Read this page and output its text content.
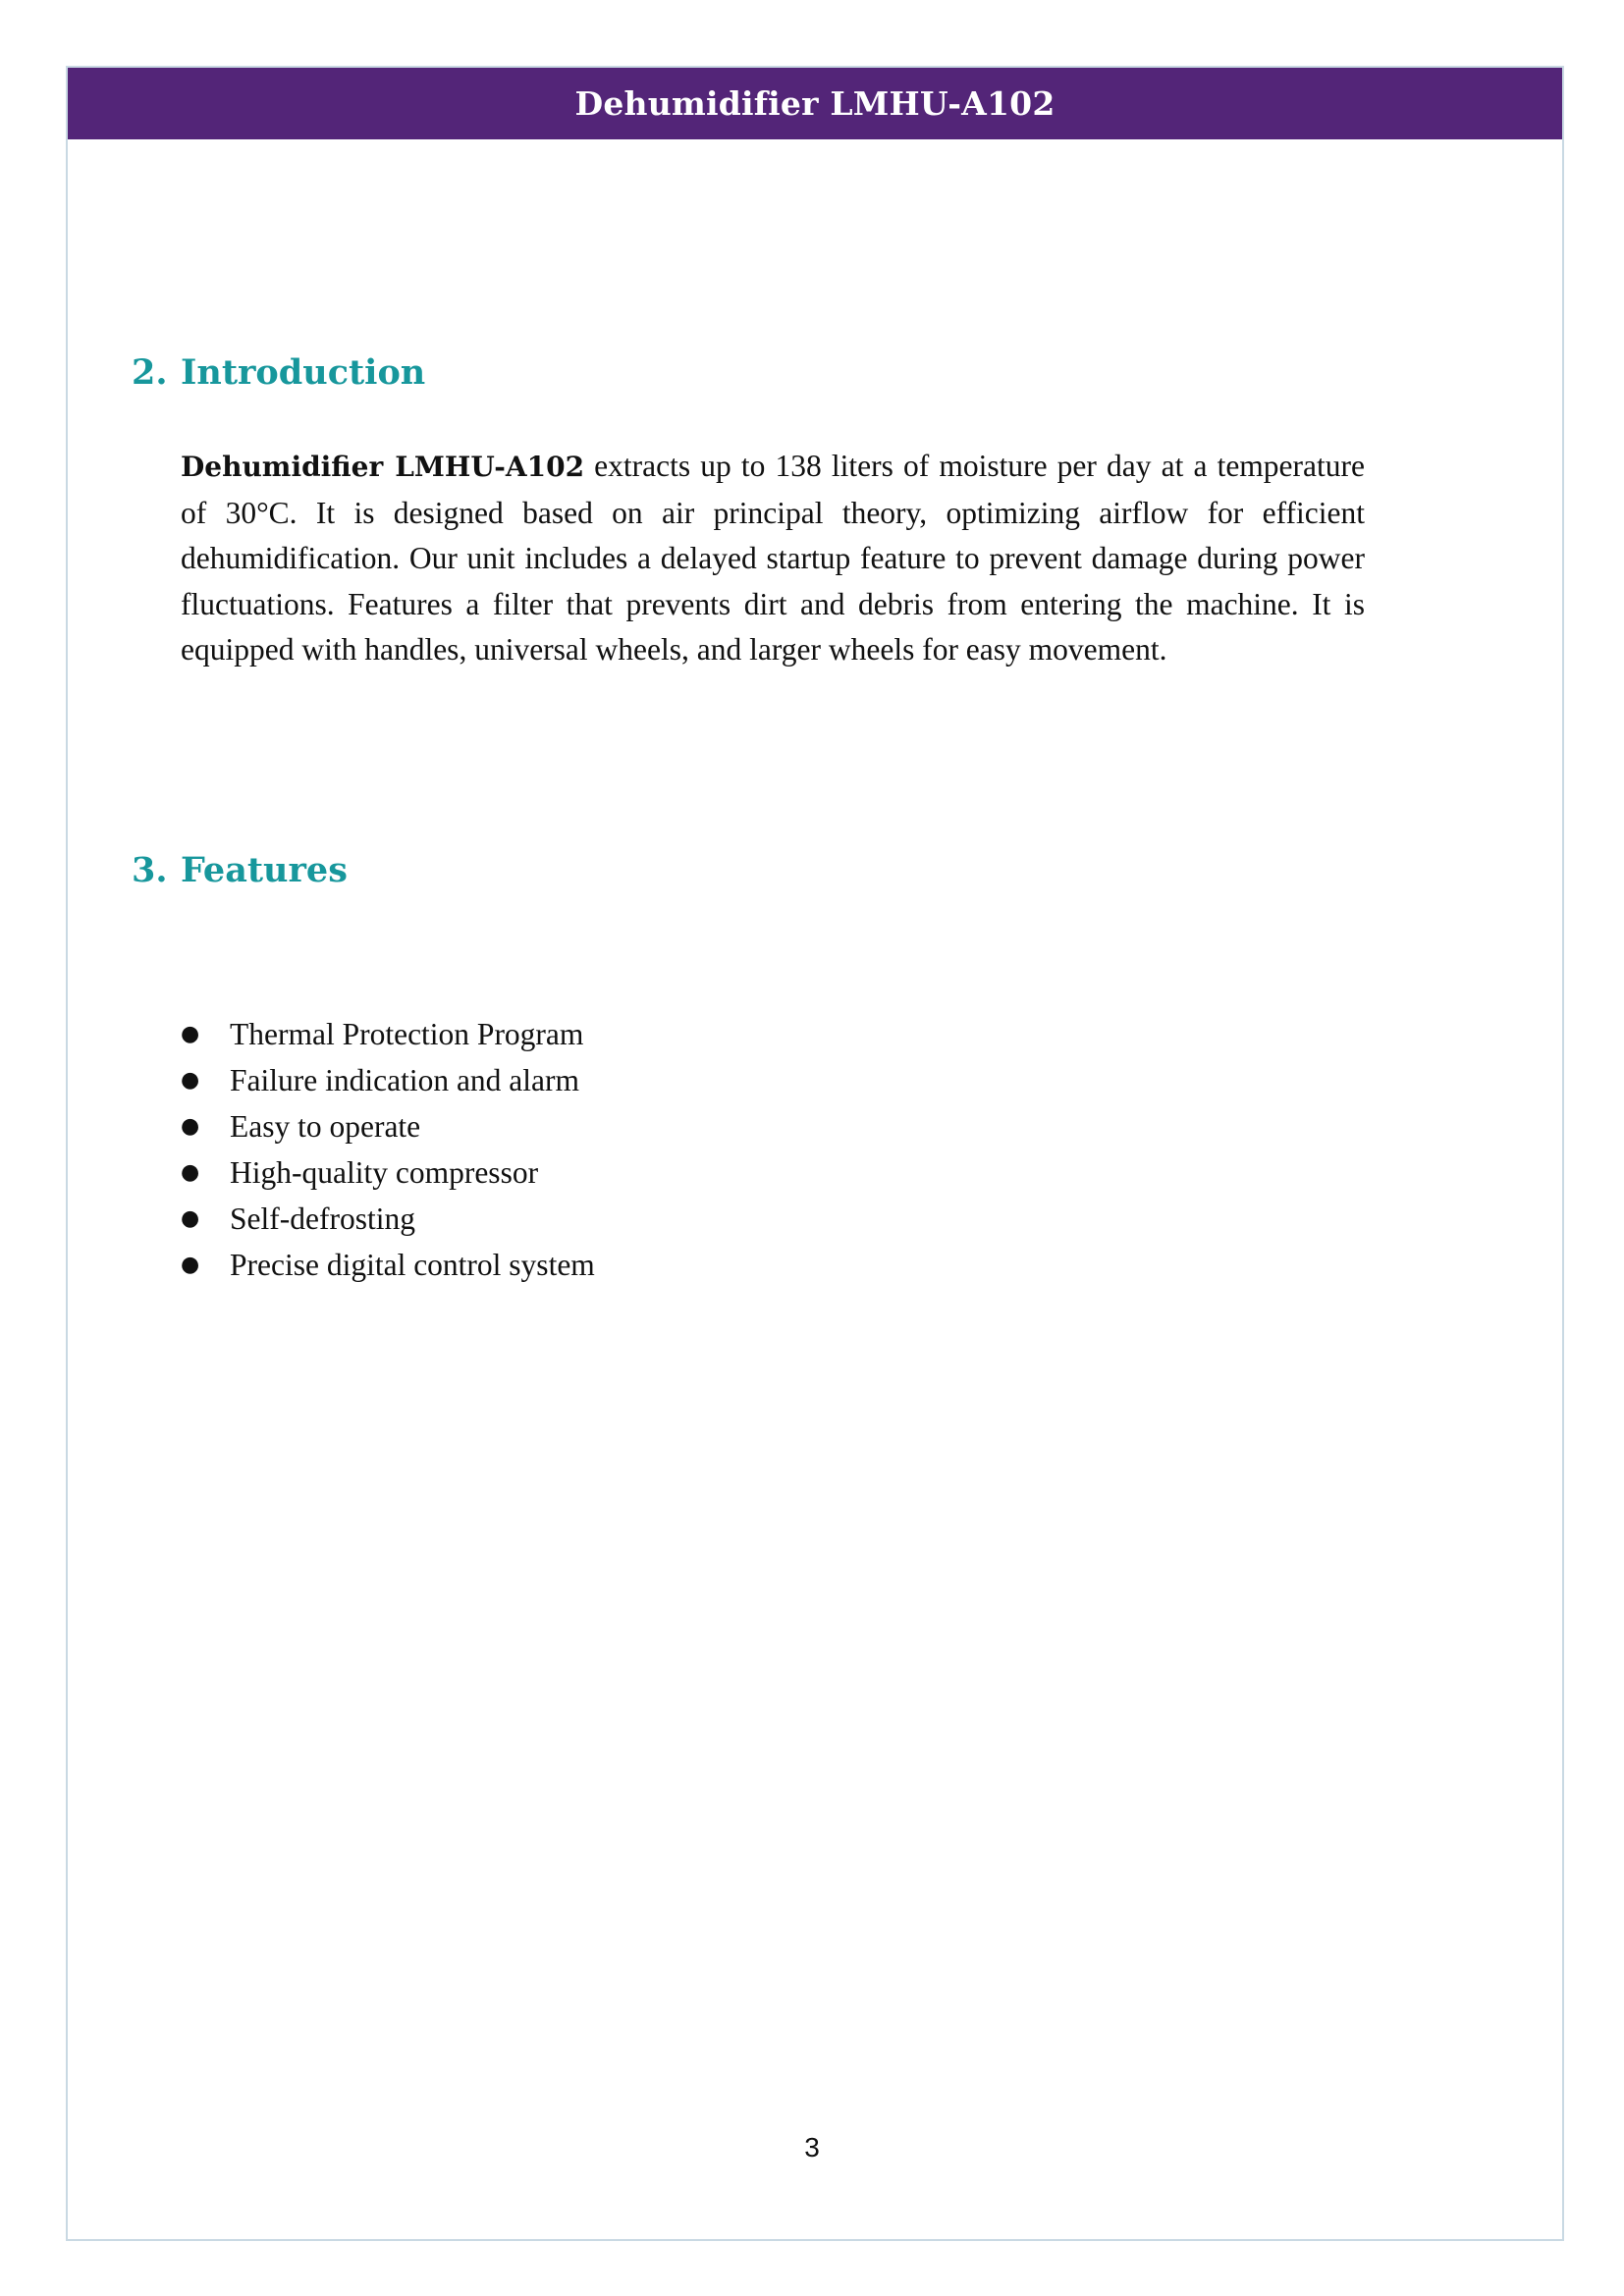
Dehumidifier LMHU-A102
2. Introduction

Dehumidifier LMHU-A102 extracts up to 138 liters of moisture per day at a temperature of 30°C. It is designed based on air principal theory, optimizing airflow for efficient dehumidification. Our unit includes a delayed startup feature to prevent damage during power fluctuations. Features a filter that prevents dirt and debris from entering the machine. It is equipped with handles, universal wheels, and larger wheels for easy movement.

3. Features
● Thermal Protection Program
● Failure indication and alarm
● Easy to operate
● High-quality compressor
● Self-defrosting
● Precise digital control system
3
